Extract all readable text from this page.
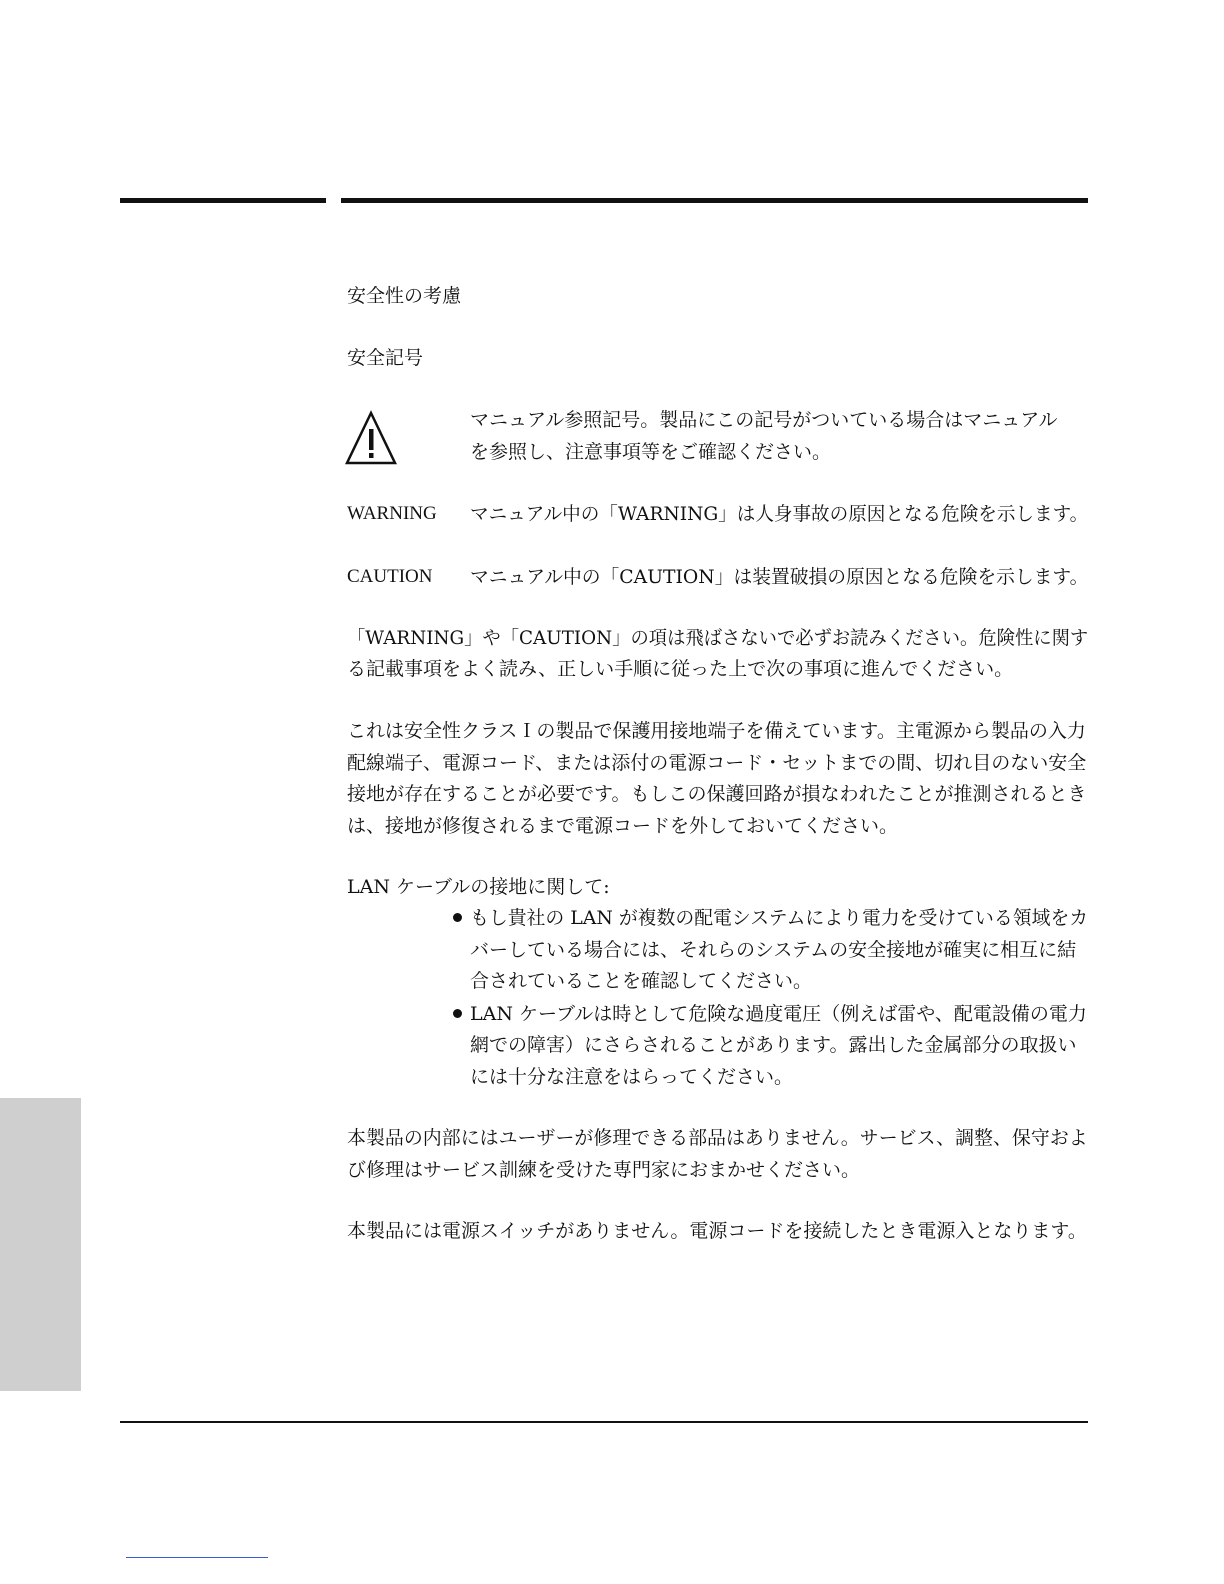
安全性の考慮
安全記号
マニュアル参照記号。製品にこの記号がついている場合はマニュアル
を参照し、注意事項等をご確認ください。
WARNING マニュアル中の「WARNING」は人身事故の原因となる危険を示します。
CAUTION マニュアル中の「CAUTION」は装置破損の原因となる危険を示します。
「WARNING」や「CAUTION」の項は飛ばさないで必ずお読みください。危険性に関す
る記載事項をよく読み、正しい手順に従った上で次の事項に進んでください。
これは安全性クラスＩの製品で保護用接地端子を備えています。主電源から製品の入力
配線端子、電源コード、または添付の電源コード・セットまでの間、切れ目のない安全
接地が存在することが必要です。もしこの保護回路が損なわれたことが推測されるとき
は、接地が修復されるまで電源コードを外しておいてください。
LAN ケーブルの接地に関して:
もし貴社の LAN が複数の配電システムにより電力を受けている領域をカ
バーしている場合には、それらのシステムの安全接地が確実に相互に結
合されていることを確認してください。
LAN ケーブルは時として危険な過度電圧（例えば雷や、配電設備の電力
網での障害）にさらされることがあります。露出した金属部分の取扱い
には十分な注意をはらってください。
本製品の内部にはユーザーが修理できる部品はありません。サービス、調整、保守およ
び修理はサービス訓練を受けた専門家におまかせください。
本製品には電源スイッチがありません。電源コードを接続したとき電源入となります。
